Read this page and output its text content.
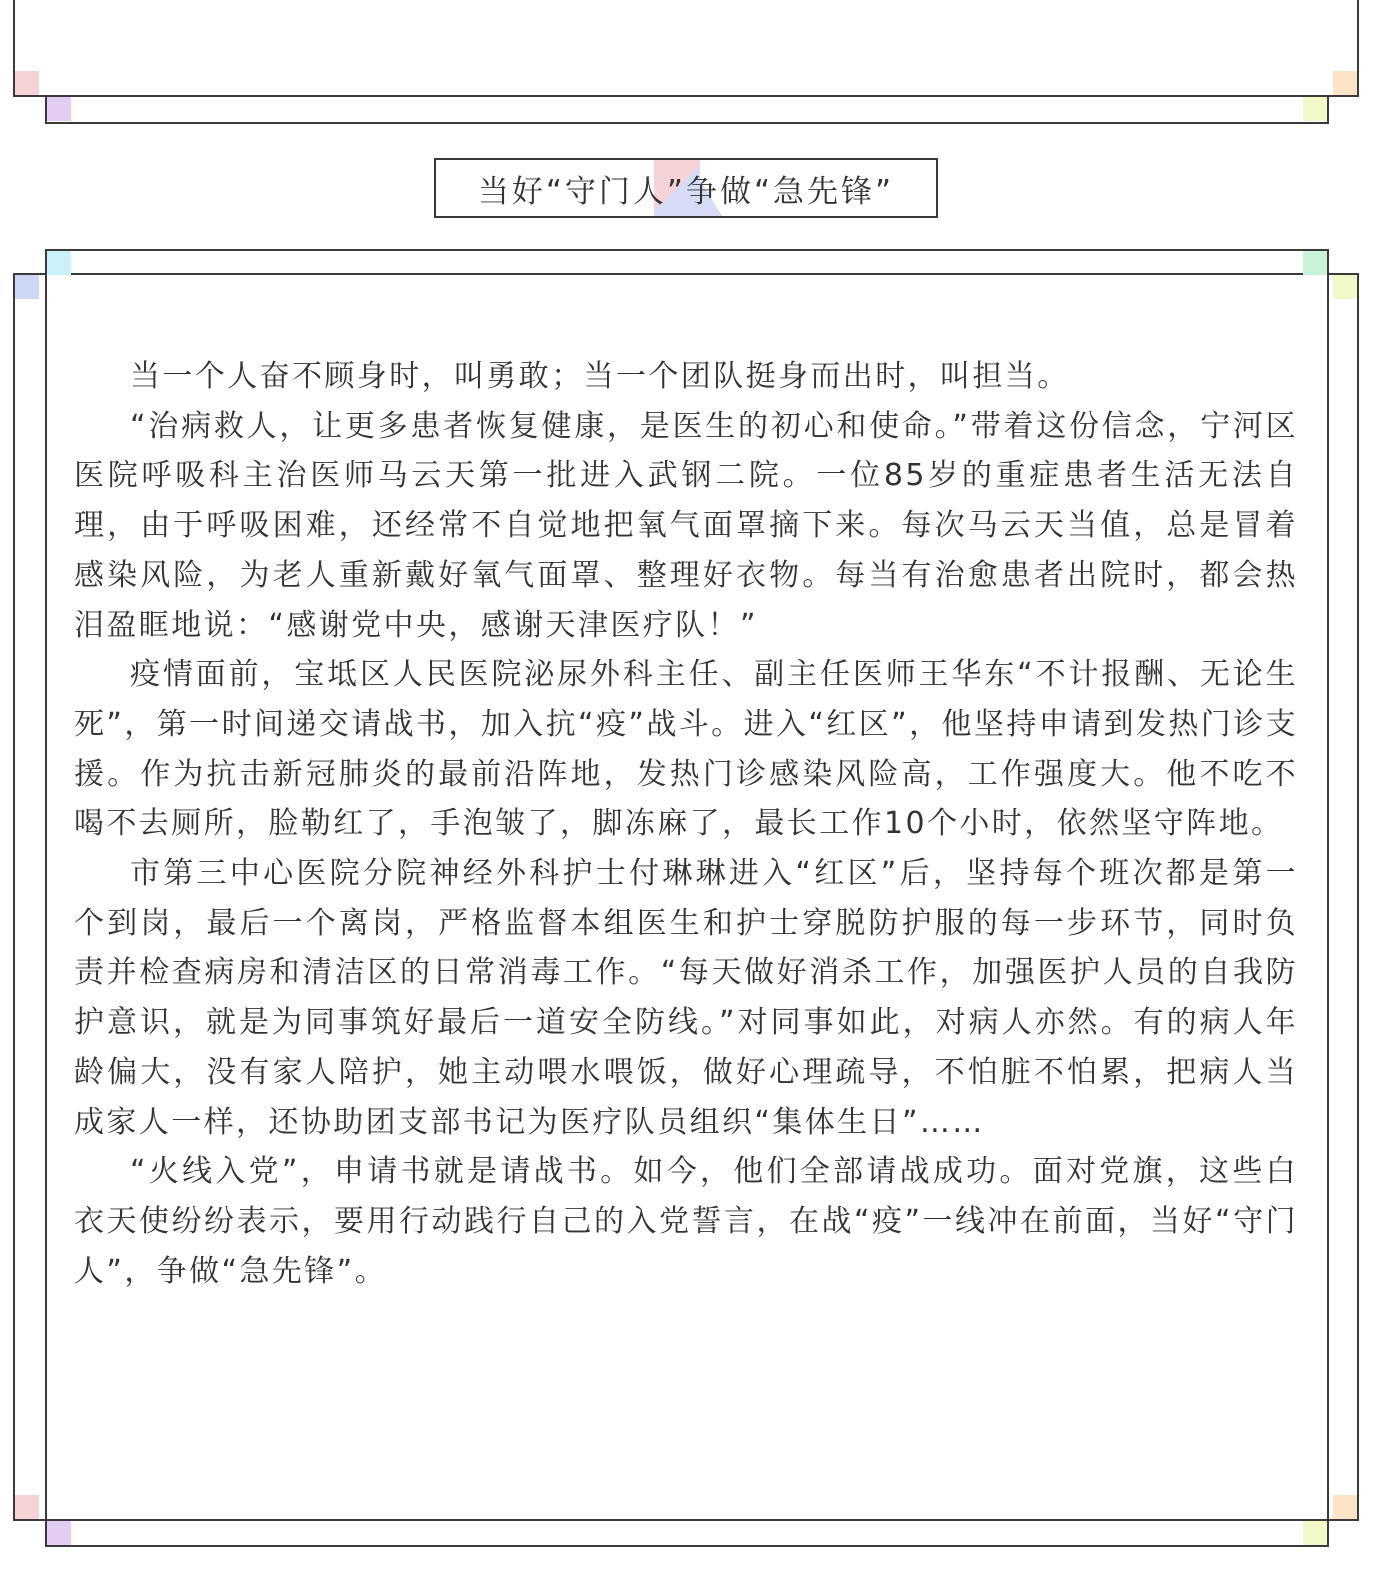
当好“守门人”争做“急先锋”

当一个人奋不顾身时，叫勇敢；当一个团队挺身而出时，叫担当。

“治病救人，让更多患者恢复健康，是医生的初心和使命。”带着这份信念，宁河区医院呼吸科主治医师马云天第一批进入武钢二院。一位85岁的重症患者生活无法自理，由于呼吸困难，还经常不自觉地把氧气面罩摘下来。每次马云天当值，总是冒着感染风险，为老人重新戴好氧气面罩、整理好衣物。每当有治愈患者出院时，都会热泪盈眶地说：“感谢党中央，感谢天津医疗队！”

疫情面前，宝坻区人民医院泌尿外科主任、副主任医师王华东“不计报酬、无论生死”，第一时间递交请战书，加入抗“疫”战斗。进入“红区”，他坚持申请到发热门诊支援。作为抗击新冠肺炎的最前沿阵地，发热门诊感染风险高，工作强度大。他不吃不喝不去厕所，脸勒红了，手泡皱了，脚冻麻了，最长工作10个小时，依然坚守阵地。

市第三中心医院分院神经外科护士付琳琳进入“红区”后，坚持每个班次都是第一个到岗，最后一个离岗，严格监督本组医生和护士穿脱防护服的每一步环节，同时负责并检查病房和清洁区的日常消毒工作。“每天做好消杀工作，加强医护人员的自我防护意识，就是为同事筑好最后一道安全防线。”对同事如此，对病人亦然。有的病人年龄偏大，没有家人陪护，她主动喂水喂饭，做好心理疏导，不怕脏不怕累，把病人当成家人一样，还协助团支部书记为医疗队员组织“集体生日”……

“火线入党”，申请书就是请战书。如今，他们全部请战成功。面对党旗，这些白衣天使纷纷表示，要用行动践行自己的入党誓言，在战“疫”一线冲在前面，当好“守门人”，争做“急先锋”。
